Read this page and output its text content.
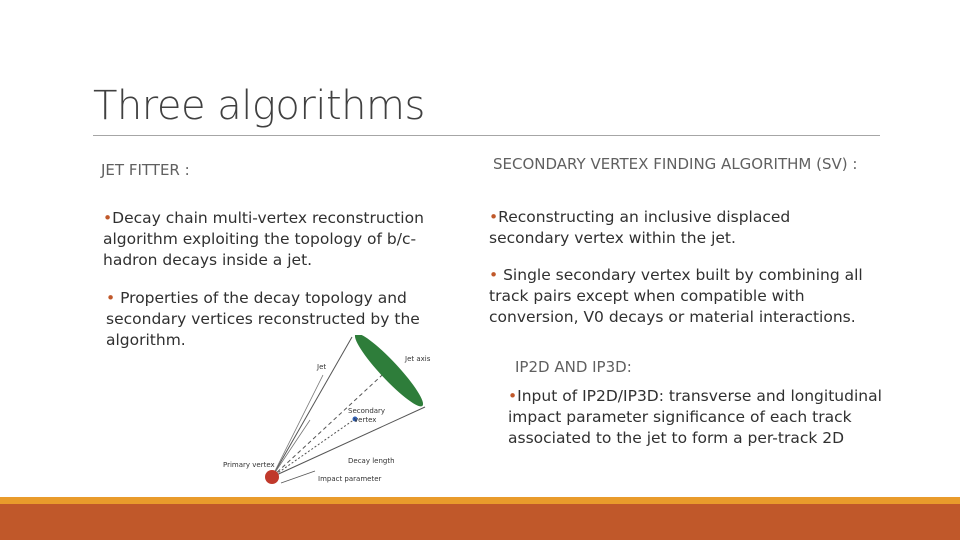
Three algorithms
JET FITTER :
•Decay chain multi-vertex reconstruction algorithm exploiting the topology of b/c-hadron decays inside a jet.
• Properties of the decay topology and secondary vertices reconstructed by the algorithm.
SECONDARY VERTEX FINDING ALGORITHM (SV) :
•Reconstructing an inclusive displaced secondary vertex within the jet.
• Single secondary vertex built by combining all track pairs except when compatible with conversion, V0 decays or material interactions.
IP2D AND IP3D:
•Input of IP2D/IP3D: transverse and longitudinal impact parameter significance of each track associated to the jet to form a per-track 2D
Jet axis
Jet
Secondary
vertex
Primary vertex	Decay length
Impact parameter
